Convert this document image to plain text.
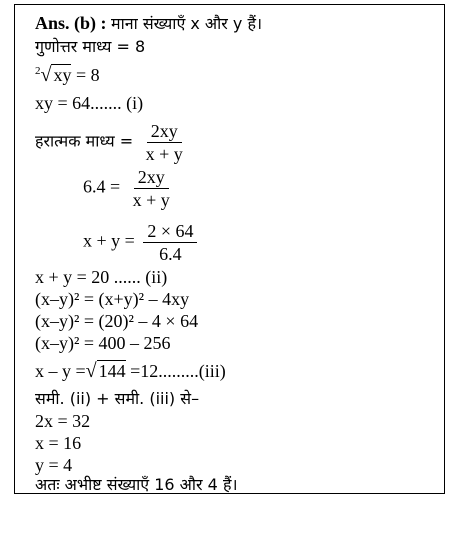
Ans. (b) : माना संख्याएँ x और y हैं।
गुणोत्तर माध्य = 8
$^2$√ xy = 8
xy = 64....... (i)
हरात्मक माध्य = $\frac{2xy}{x + y}$
$6.4 = \frac{2xy}{x + y}$
$x + y = \frac{2 \times 64}{6.4}$
x + y = 20 ...... (ii)
(x–y)² = (x+y)² – 4xy
(x–y)² = (20)² – 4 × 64
(x–y)² = 400 – 256
x – y =√ 144 =12.........(iii)
समी. (ii) + समी. (iii) से–
2x = 32
x = 16
y = 4
अतः अभीष्ट संख्याएँ 16 और 4 हैं।
